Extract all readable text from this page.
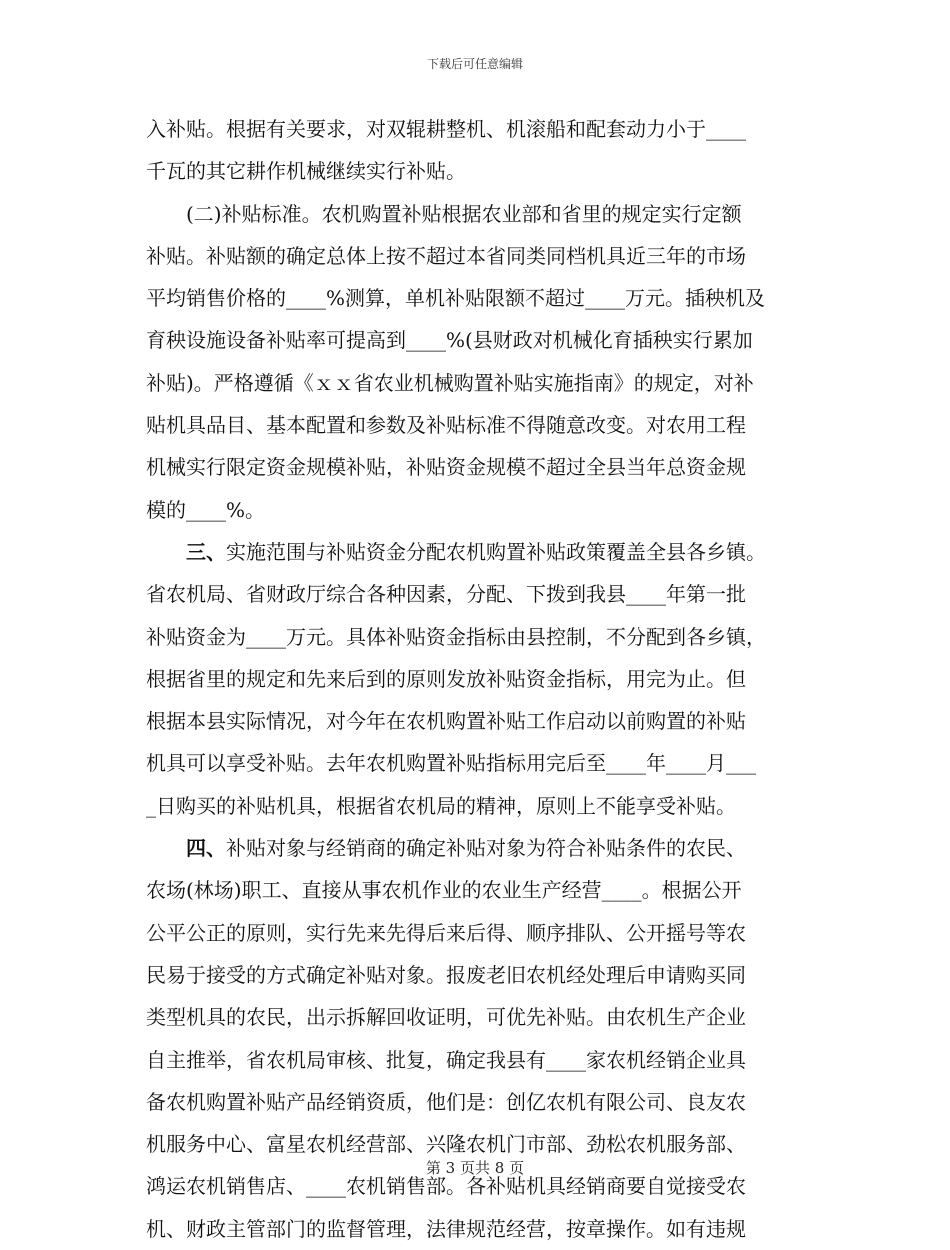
下载后可任意编辑
入补贴。根据有关要求，对双辊耕整机、机滚船和配套动力小于____
千瓦的其它耕作机械继续实行补贴。
(二)补贴标准。农机购置补贴根据农业部和省里的规定实行定额
补贴。补贴额的确定总体上按不超过本省同类同档机具近三年的市场
平均销售价格的____%测算，单机补贴限额不超过____万元。插秧机及
育秧设施设备补贴率可提高到____%(县财政对机械化育插秧实行累加
补贴)。严格遵循《ｘｘ省农业机械购置补贴实施指南》的规定，对补
贴机具品目、基本配置和参数及补贴标准不得随意改变。对农用工程
机械实行限定资金规模补贴，补贴资金规模不超过全县当年总资金规
模的____%。
三、实施范围与补贴资金分配农机购置补贴政策覆盖全县各乡镇。
省农机局、省财政厅综合各种因素，分配、下拨到我县____年第一批
补贴资金为____万元。具体补贴资金指标由县控制，不分配到各乡镇，
根据省里的规定和先来后到的原则发放补贴资金指标，用完为止。但
根据本县实际情况，对今年在农机购置补贴工作启动以前购置的补贴
机具可以享受补贴。去年农机购置补贴指标用完后至____年____月___
_日购买的补贴机具，根据省农机局的精神，原则上不能享受补贴。
四、补贴对象与经销商的确定补贴对象为符合补贴条件的农民、
农场(林场)职工、直接从事农机作业的农业生产经营____。根据公开
公平公正的原则，实行先来先得后来后得、顺序排队、公开摇号等农
民易于接受的方式确定补贴对象。报废老旧农机经处理后申请购买同
类型机具的农民，出示拆解回收证明，可优先补贴。由农机生产企业
自主推举，省农机局审核、批复，确定我县有____家农机经销企业具
备农机购置补贴产品经销资质，他们是：创亿农机有限公司、良友农
机服务中心、富星农机经营部、兴隆农机门市部、劲松农机服务部、
鸿运农机销售店、____农机销售部。各补贴机具经销商要自觉接受农
机、财政主管部门的监督管理，法律规范经营，按章操作。如有违规
第 3 页共 8 页
